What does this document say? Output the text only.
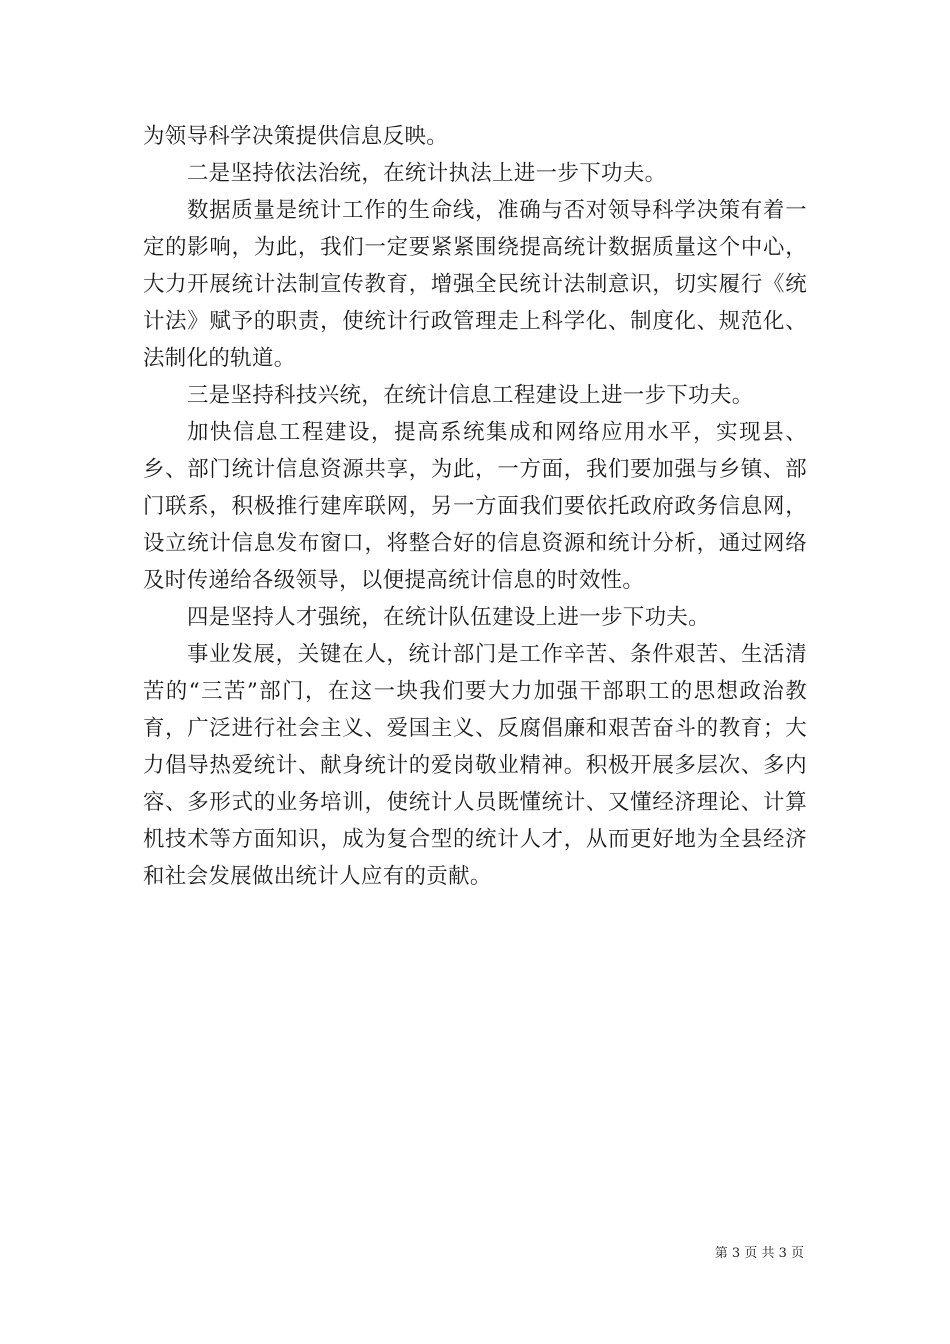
为领导科学决策提供信息反映。

二是坚持依法治统，在统计执法上进一步下功夫。

数据质量是统计工作的生命线，准确与否对领导科学决策有着一定的影响，为此，我们一定要紧紧围绕提高统计数据质量这个中心，大力开展统计法制宣传教育，增强全民统计法制意识，切实履行《统计法》赋予的职责，使统计行政管理走上科学化、制度化、规范化、法制化的轨道。

三是坚持科技兴统，在统计信息工程建设上进一步下功夫。

加快信息工程建设，提高系统集成和网络应用水平，实现县、乡、部门统计信息资源共享，为此，一方面，我们要加强与乡镇、部门联系，积极推行建库联网，另一方面我们要依托政府政务信息网，设立统计信息发布窗口，将整合好的信息资源和统计分析，通过网络及时传递给各级领导，以便提高统计信息的时效性。

四是坚持人才强统，在统计队伍建设上进一步下功夫。

事业发展，关键在人，统计部门是工作辛苦、条件艰苦、生活清苦的“三苦”部门，在这一块我们要大力加强干部职工的思想政治教育，广泛进行社会主义、爱国主义、反腐倡廉和艰苦奋斗的教育；大力倡导热爱统计、献身统计的爱岗敬业精神。积极开展多层次、多内容、多形式的业务培训，使统计人员既懂统计、又懂经济理论、计算机技术等方面知识，成为复合型的统计人才，从而更好地为全县经济和社会发展做出统计人应有的贡献。

第 3 页 共 3 页
